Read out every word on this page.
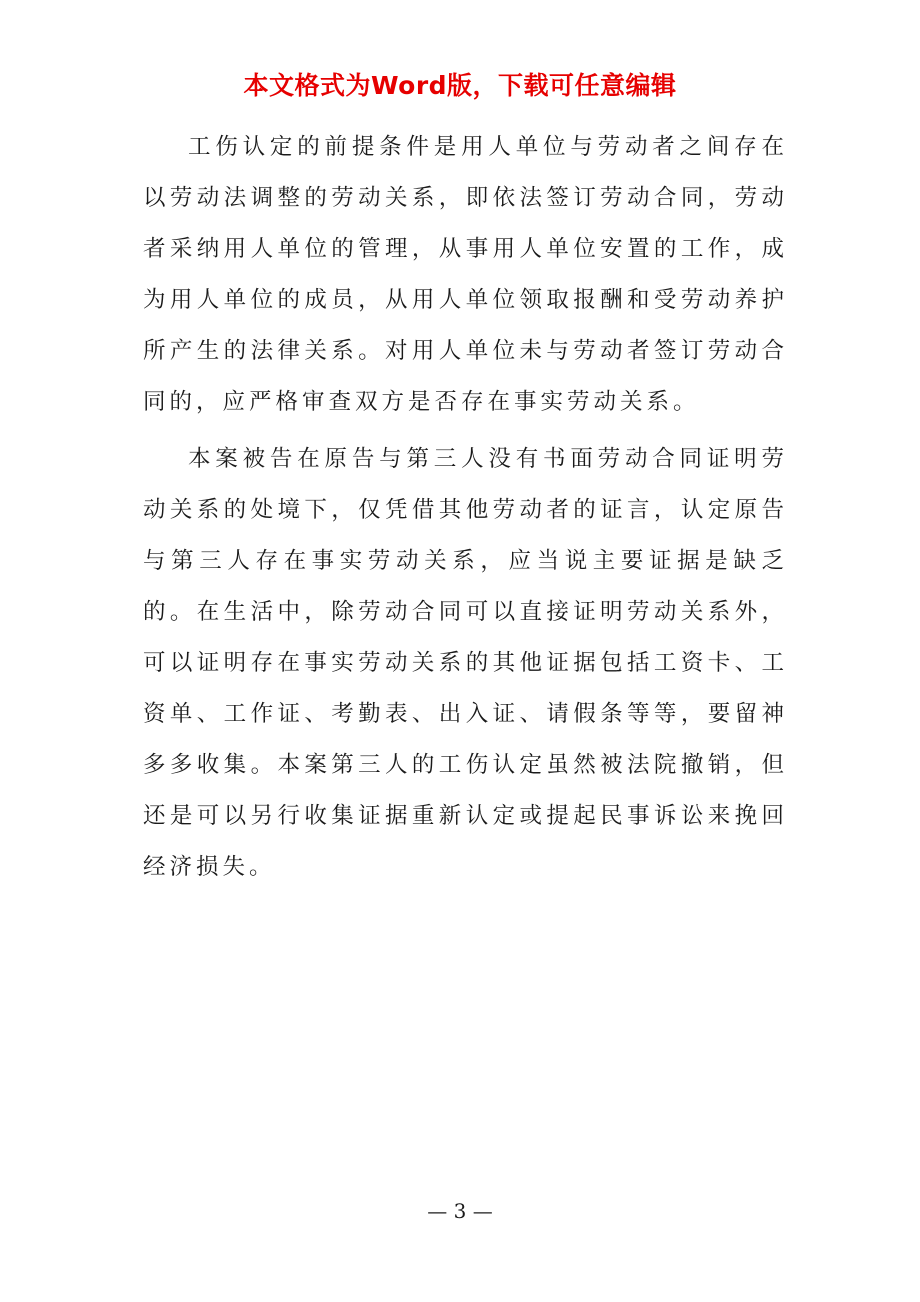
本文格式为Word版，下载可任意编辑

工伤认定的前提条件是用人单位与劳动者之间存在以劳动法调整的劳动关系，即依法签订劳动合同，劳动者采纳用人单位的管理，从事用人单位安置的工作，成为用人单位的成员，从用人单位领取报酬和受劳动养护所产生的法律关系。对用人单位未与劳动者签订劳动合同的，应严格审查双方是否存在事实劳动关系。

本案被告在原告与第三人没有书面劳动合同证明劳动关系的处境下，仅凭借其他劳动者的证言，认定原告与第三人存在事实劳动关系，应当说主要证据是缺乏的。在生活中，除劳动合同可以直接证明劳动关系外，可以证明存在事实劳动关系的其他证据包括工资卡、工资单、工作证、考勤表、出入证、请假条等等，要留神多多收集。本案第三人的工伤认定虽然被法院撤销，但还是可以另行收集证据重新认定或提起民事诉讼来挽回经济损失。

— 3 —
